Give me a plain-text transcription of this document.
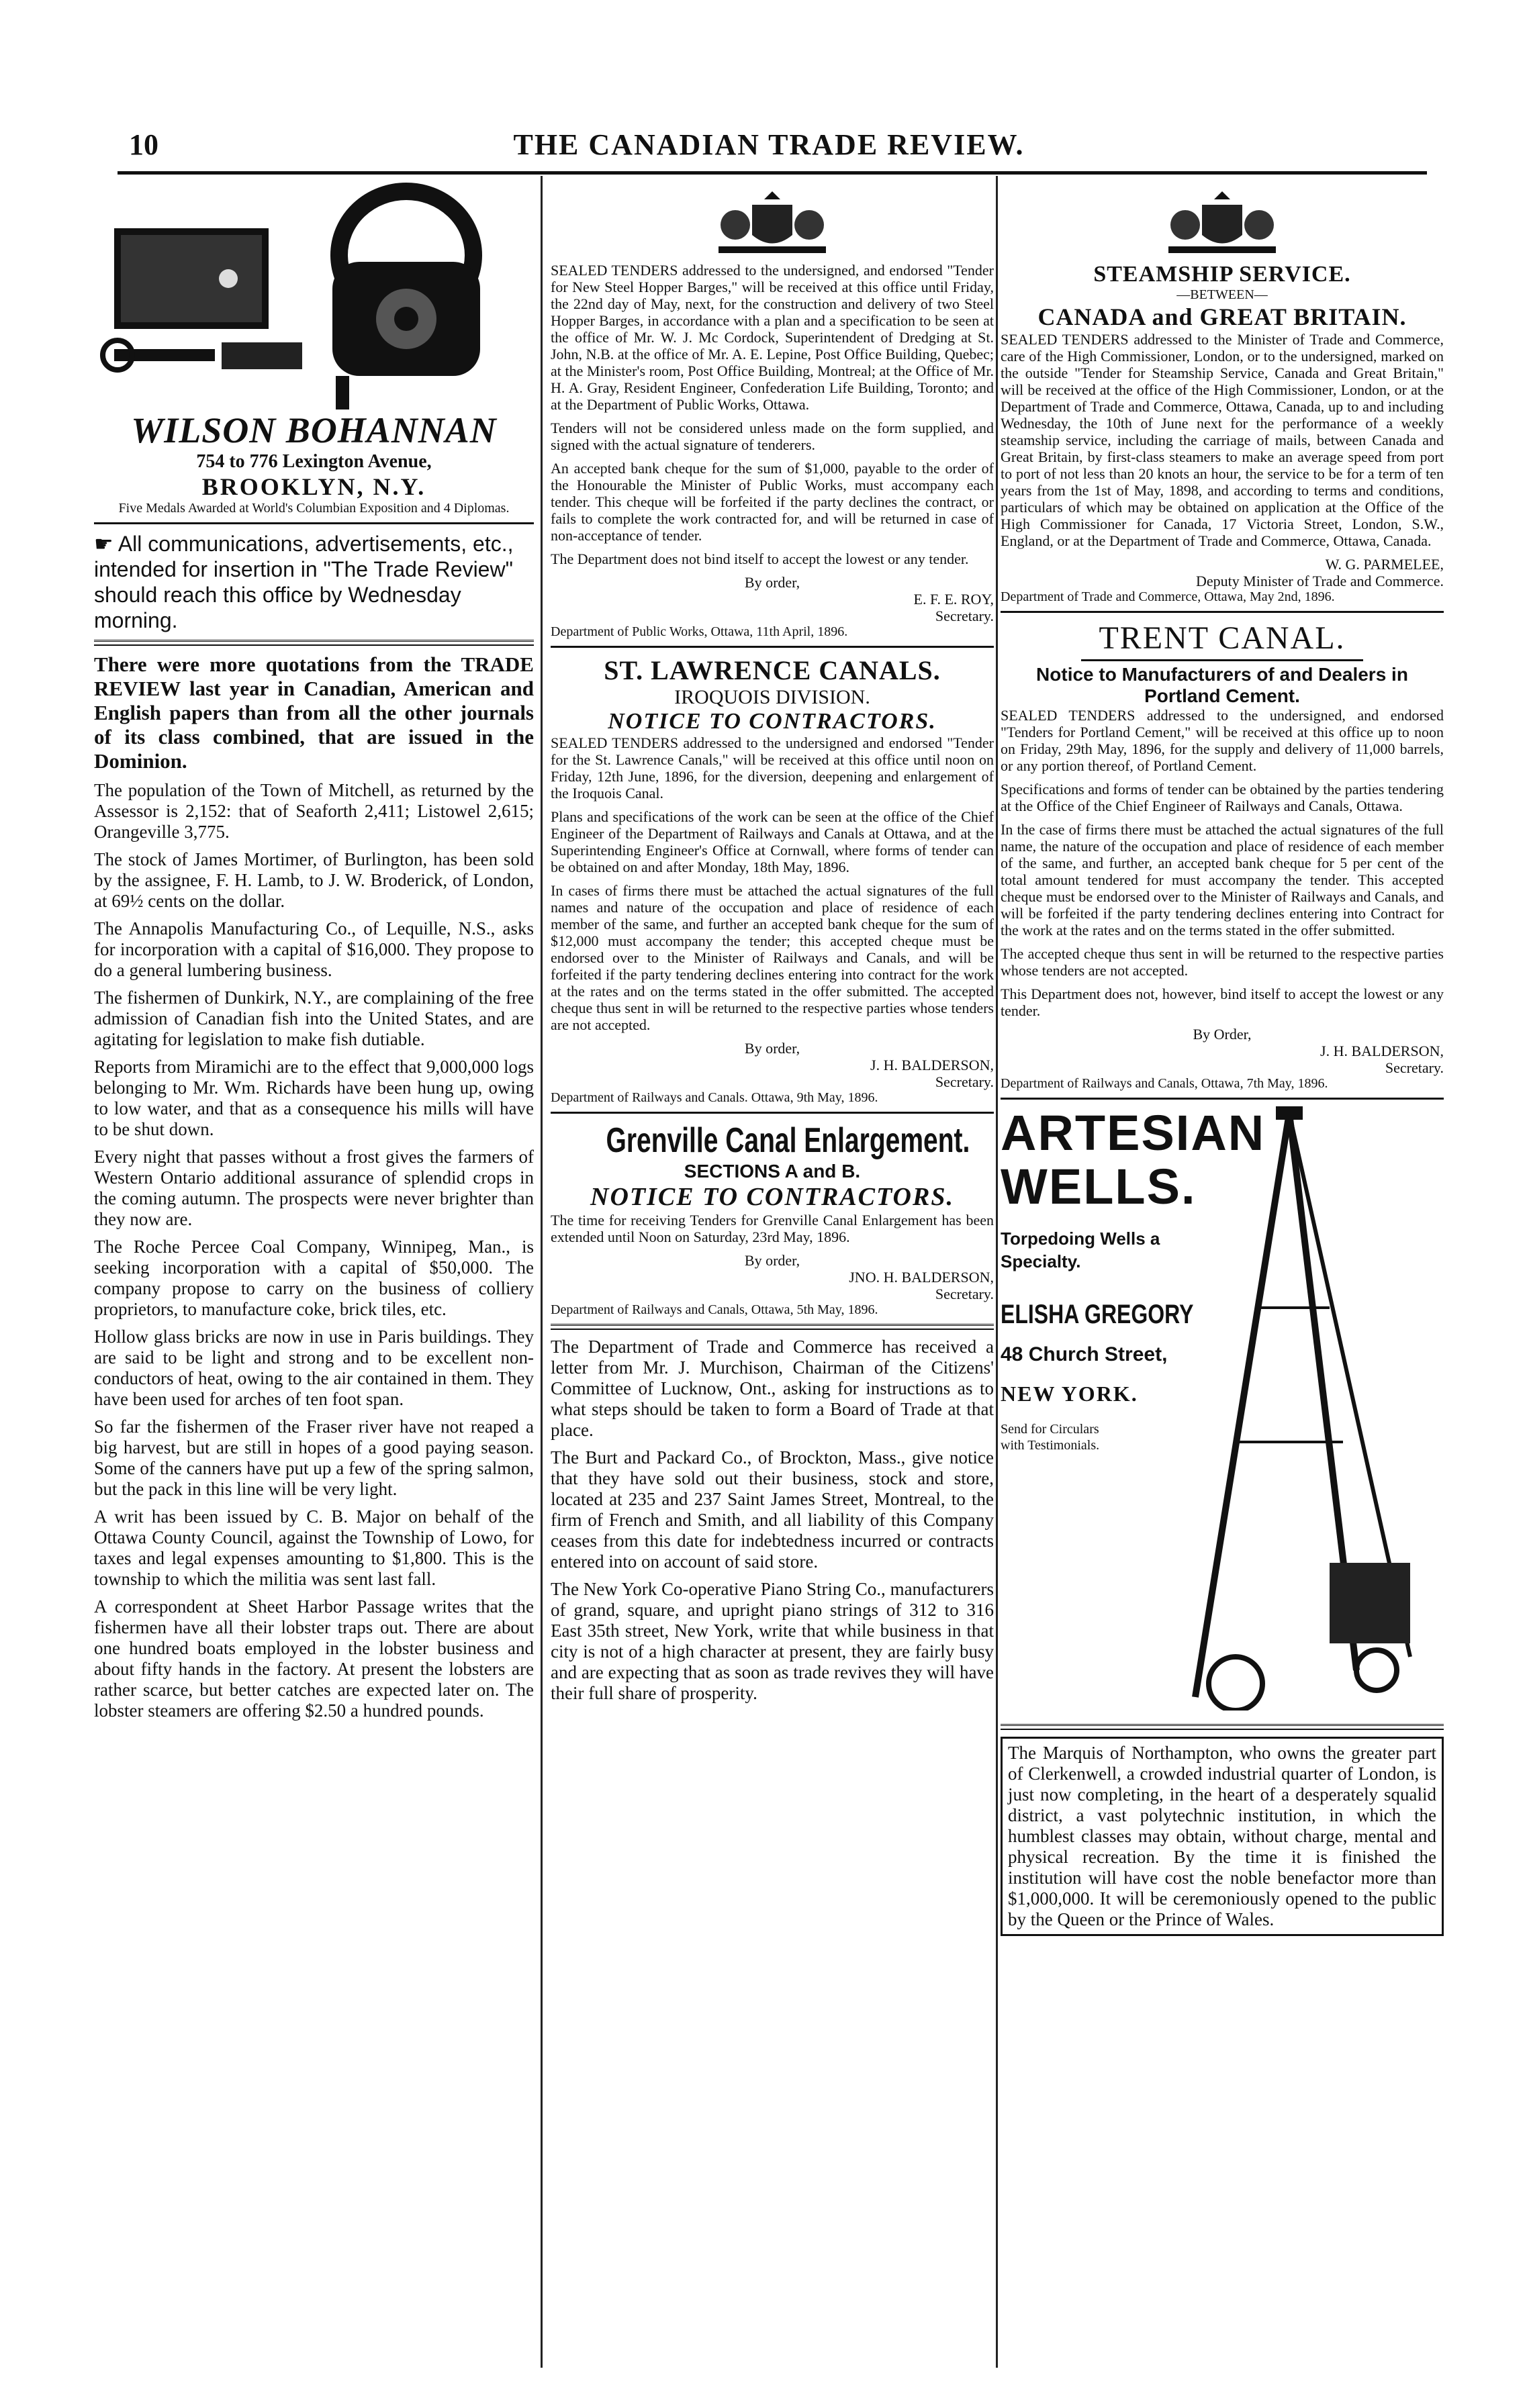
10	THE CANADIAN TRADE REVIEW.
WILSON BOHANNAN
754 to 776 Lexington Avenue,
BROOKLYN, N.Y.
Five Medals Awarded at World's Columbian Exposition and 4 Diplomas.
☛ All communications, advertisements, etc., intended for insertion in "The Trade Review" should reach this office by Wednesday morning.

There were more quotations from the TRADE REVIEW last year in Canadian, American and English papers than from all the other journals of its class combined, that are issued in the Dominion.

The population of the Town of Mitchell, as returned by the Assessor is 2,152: that of Seaforth 2,411; Listowel 2,615; Orangeville 3,775.

The stock of James Mortimer, of Burlington, has been sold by the assignee, F. H. Lamb, to J. W. Broderick, of London, at 69½ cents on the dollar.

The Annapolis Manufacturing Co., of Lequille, N.S., asks for incorporation with a capital of $16,000. They propose to do a general lumbering business.

The fishermen of Dunkirk, N.Y., are complaining of the free admission of Canadian fish into the United States, and are agitating for legislation to make fish dutiable.

Reports from Miramichi are to the effect that 9,000,000 logs belonging to Mr. Wm. Richards have been hung up, owing to low water, and that as a consequence his mills will have to be shut down.

Every night that passes without a frost gives the farmers of Western Ontario additional assurance of splendid crops in the coming autumn. The prospects were never brighter than they now are.

The Roche Percee Coal Company, Winnipeg, Man., is seeking incorporation with a capital of $50,000. The company propose to carry on the business of colliery proprietors, to manufacture coke, brick tiles, etc.

Hollow glass bricks are now in use in Paris buildings. They are said to be light and strong and to be excellent non-conductors of heat, owing to the air contained in them. They have been used for arches of ten foot span.

So far the fishermen of the Fraser river have not reaped a big harvest, but are still in hopes of a good paying season. Some of the canners have put up a few of the spring salmon, but the pack in this line will be very light.

A writ has been issued by C. B. Major on behalf of the Ottawa County Council, against the Township of Lowo, for taxes and legal expenses amounting to $1,800. This is the township to which the militia was sent last fall.

A correspondent at Sheet Harbor Passage writes that the fishermen have all their lobster traps out. There are about one hundred boats employed in the lobster business and about fifty hands in the factory. At present the lobsters are rather scarce, but better catches are expected later on. The lobster steamers are offering $2.50 a hundred pounds.

SEALED TENDERS addressed to the undersigned, and endorsed "Tender for New Steel Hopper Barges," will be received at this office until Friday, the 22nd day of May, next, for the construction and delivery of two Steel Hopper Barges, in accordance with a plan and a specification to be seen at the office of Mr. W. J. Mc Cordock, Superintendent of Dredging at St. John, N.B. at the office of Mr. A. E. Lepine, Post Office Building, Quebec; at the Minister's room, Post Office Building, Montreal; at the Office of Mr. H. A. Gray, Resident Engineer, Confederation Life Building, Toronto; and at the Department of Public Works, Ottawa.

Tenders will not be considered unless made on the form supplied, and signed with the actual signature of tenderers.

An accepted bank cheque for the sum of $1,000, payable to the order of the Honourable the Minister of Public Works, must accompany each tender. This cheque will be forfeited if the party declines the contract, or fails to complete the work contracted for, and will be returned in case of non-acceptance of tender.

The Department does not bind itself to accept the lowest or any tender.

By order,
E. F. E. ROY,
Secretary.
Department of Public Works, Ottawa, 11th April, 1896.
ST. LAWRENCE CANALS.
IROQUOIS DIVISION.
NOTICE TO CONTRACTORS.

SEALED TENDERS addressed to the undersigned and endorsed "Tender for the St. Lawrence Canals," will be received at this office until noon on Friday, 12th June, 1896, for the diversion, deepening and enlargement of the Iroquois Canal.

Plans and specifications of the work can be seen at the office of the Chief Engineer of the Department of Railways and Canals at Ottawa, and at the Superintending Engineer's Office at Cornwall, where forms of tender can be obtained on and after Monday, 18th May, 1896.

In cases of firms there must be attached the actual signatures of the full names and nature of the occupation and place of residence of each member of the same, and further an accepted bank cheque for the sum of $12,000 must accompany the tender; this accepted cheque must be endorsed over to the Minister of Railways and Canals, and will be forfeited if the party tendering declines entering into contract for the work at the rates and on the terms stated in the offer submitted. The accepted cheque thus sent in will be returned to the respective parties whose tenders are not accepted.

By order,
J. H. BALDERSON,
Secretary.
Department of Railways and Canals. Ottawa, 9th May, 1896.
Grenville Canal Enlargement.
SECTIONS A and B.
NOTICE TO CONTRACTORS.

The time for receiving Tenders for Grenville Canal Enlargement has been extended until Noon on Saturday, 23rd May, 1896.

By order,
JNO. H. BALDERSON,
Secretary.
Department of Railways and Canals, Ottawa, 5th May, 1896.

The Department of Trade and Commerce has received a letter from Mr. J. Murchison, Chairman of the Citizens' Committee of Lucknow, Ont., asking for instructions as to what steps should be taken to form a Board of Trade at that place.

The Burt and Packard Co., of Brockton, Mass., give notice that they have sold out their business, stock and store, located at 235 and 237 Saint James Street, Montreal, to the firm of French and Smith, and all liability of this Company ceases from this date for indebtedness incurred or contracts entered into on account of said store.

The New York Co-operative Piano String Co., manufacturers of grand, square, and upright piano strings of 312 to 316 East 35th street, New York, write that while business in that city is not of a high character at present, they are fairly busy and are expecting that as soon as trade revives they will have their full share of prosperity.

STEAMSHIP SERVICE.
—BETWEEN—
CANADA and GREAT BRITAIN.

SEALED TENDERS addressed to the Minister of Trade and Commerce, care of the High Commissioner, London, or to the undersigned, marked on the outside "Tender for Steamship Service, Canada and Great Britain," will be received at the office of the High Commissioner, London, or at the Department of Trade and Commerce, Ottawa, Canada, up to and including Wednesday, the 10th of June next for the performance of a weekly steamship service, including the carriage of mails, between Canada and Great Britain, by first-class steamers to make an average speed from port to port of not less than 20 knots an hour, the service to be for a term of ten years from the 1st of May, 1898, and according to terms and conditions, particulars of which may be obtained on application at the Office of the High Commissioner for Canada, 17 Victoria Street, London, S.W., England, or at the Department of Trade and Commerce, Ottawa, Canada.

W. G. PARMELEE,
Deputy Minister of Trade and Commerce.
Department of Trade and Commerce, Ottawa, May 2nd, 1896.
TRENT CANAL.
Notice to Manufacturers of and Dealers in Portland Cement.

SEALED TENDERS addressed to the undersigned, and endorsed "Tenders for Portland Cement," will be received at this office up to noon on Friday, 29th May, 1896, for the supply and delivery of 11,000 barrels, or any portion thereof, of Portland Cement.

Specifications and forms of tender can be obtained by the parties tendering at the Office of the Chief Engineer of Railways and Canals, Ottawa.

In the case of firms there must be attached the actual signatures of the full name, the nature of the occupation and place of residence of each member of the same, and further, an accepted bank cheque for 5 per cent of the total amount tendered for must accompany the tender. This accepted cheque must be endorsed over to the Minister of Railways and Canals, and will be forfeited if the party tendering declines entering into Contract for the work at the rates and on the terms stated in the offer submitted.

The accepted cheque thus sent in will be returned to the respective parties whose tenders are not accepted.

This Department does not, however, bind itself to accept the lowest or any tender.

By Order,
J. H. BALDERSON,
Secretary.
Department of Railways and Canals, Ottawa, 7th May, 1896.
ARTESIAN
WELLS.
Torpedoing Wells a
Specialty.
ELISHA GREGORY
48 Church Street,
NEW YORK.
Send for Circulars with Testimonials.

The Marquis of Northampton, who owns the greater part of Clerkenwell, a crowded industrial quarter of London, is just now completing, in the heart of a desperately squalid district, a vast polytechnic institution, in which the humblest classes may obtain, without charge, mental and physical recreation. By the time it is finished the institution will have cost the noble benefactor more than $1,000,000. It will be ceremoniously opened to the public by the Queen or the Prince of Wales.
